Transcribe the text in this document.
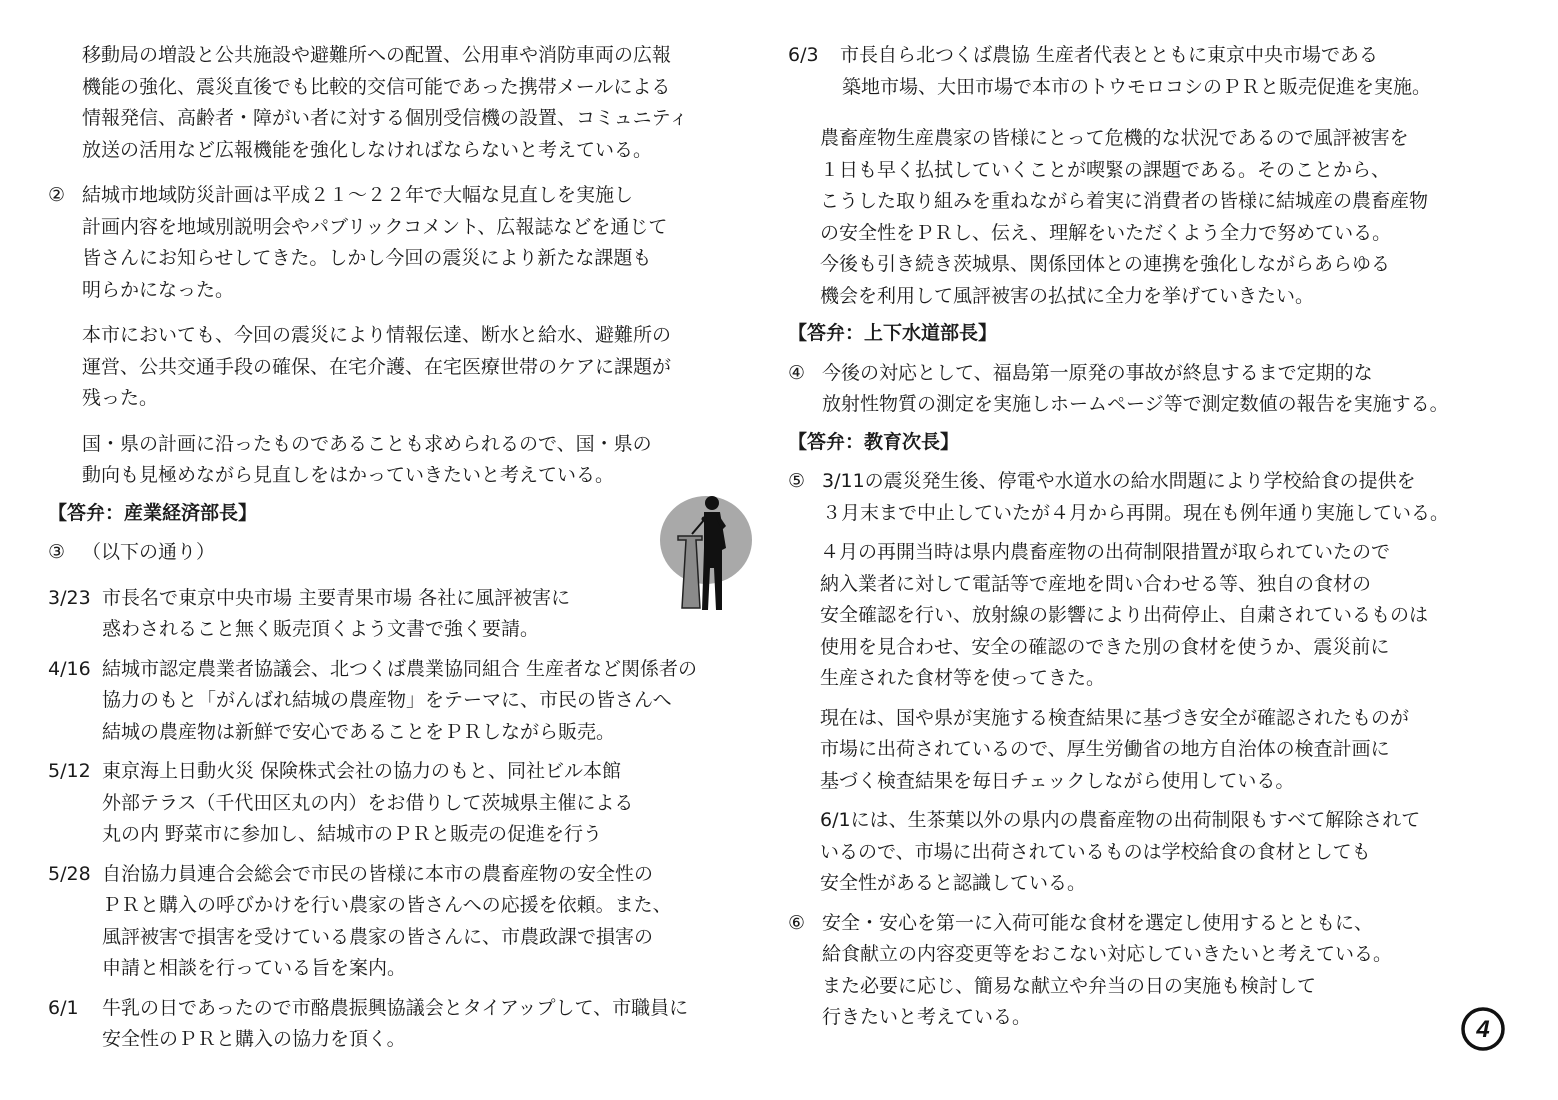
移動局の増設と公共施設や避難所への配置、公用車や消防車両の広報
機能の強化、震災直後でも比較的交信可能であった携帯メールによる
情報発信、高齢者・障がい者に対する個別受信機の設置、コミュニティ
放送の活用など広報機能を強化しなければならないと考えている。
② 結城市地域防災計画は平成２１～２２年で大幅な見直しを実施し
計画内容を地域別説明会やパブリックコメント、広報誌などを通じて
皆さんにお知らせしてきた。しかし今回の震災により新たな課題も
明らかになった。
本市においても、今回の震災により情報伝達、断水と給水、避難所の
運営、公共交通手段の確保、在宅介護、在宅医療世帯のケアに課題が
残った。
国・県の計画に沿ったものであることも求められるので、国・県の
動向も見極めながら見直しをはかっていきたいと考えている。

【答弁：産業経済部長】

③ （以下の通り）
3/23 市長名で東京中央市場 主要青果市場 各社に風評被害に
惑わされること無く販売頂くよう文書で強く要請。
4/16 結城市認定農業者協議会、北つくば農業協同組合 生産者など関係者の
協力のもと「がんばれ結城の農産物」をテーマに、市民の皆さんへ
結城の農産物は新鮮で安心であることをＰＲしながら販売。
5/12 東京海上日動火災 保険株式会社の協力のもと、同社ビル本館
外部テラス（千代田区丸の内）をお借りして茨城県主催による
丸の内 野菜市に参加し、結城市のＰＲと販売の促進を行う
5/28 自治協力員連合会総会で市民の皆様に本市の農畜産物の安全性の
ＰＲと購入の呼びかけを行い農家の皆さんへの応援を依頼。また、
風評被害で損害を受けている農家の皆さんに、市農政課で損害の
申請と相談を行っている旨を案内。
6/1	牛乳の日であったので市酪農振興協議会とタイアップして、市職員に
安全性のＰＲと購入の協力を頂く。
6/3	市長自ら北つくば農協 生産者代表とともに東京中央市場である
築地市場、大田市場で本市のトウモロコシのＰＲと販売促進を実施。
農畜産物生産農家の皆様にとって危機的な状況であるので風評被害を
１日も早く払拭していくことが喫緊の課題である。そのことから、
こうした取り組みを重ねながら着実に消費者の皆様に結城産の農畜産物
の安全性をＰＲし、伝え、理解をいただくよう全力で努めている。
今後も引き続き茨城県、関係団体との連携を強化しながらあらゆる
機会を利用して風評被害の払拭に全力を挙げていきたい。

【答弁：上下水道部長】

④ 今後の対応として、福島第一原発の事故が終息するまで定期的な
放射性物質の測定を実施しホームページ等で測定数値の報告を実施する。

【答弁：教育次長】

⑤ 3/11の震災発生後、停電や水道水の給水問題により学校給食の提供を
３月末まで中止していたが４月から再開。現在も例年通り実施している。
４月の再開当時は県内農畜産物の出荷制限措置が取られていたので
納入業者に対して電話等で産地を問い合わせる等、独自の食材の
安全確認を行い、放射線の影響により出荷停止、自粛されているものは
使用を見合わせ、安全の確認のできた別の食材を使うか、震災前に
生産された食材等を使ってきた。
現在は、国や県が実施する検査結果に基づき安全が確認されたものが
市場に出荷されているので、厚生労働省の地方自治体の検査計画に
基づく検査結果を毎日チェックしながら使用している。
6/1には、生茶葉以外の県内の農畜産物の出荷制限もすべて解除されて
いるので、市場に出荷されているものは学校給食の食材としても
安全性があると認識している。
⑥ 安全・安心を第一に入荷可能な食材を選定し使用するとともに、
給食献立の内容変更等をおこない対応していきたいと考えている。
また必要に応じ、簡易な献立や弁当の日の実施も検討して
行きたいと考えている。	4
